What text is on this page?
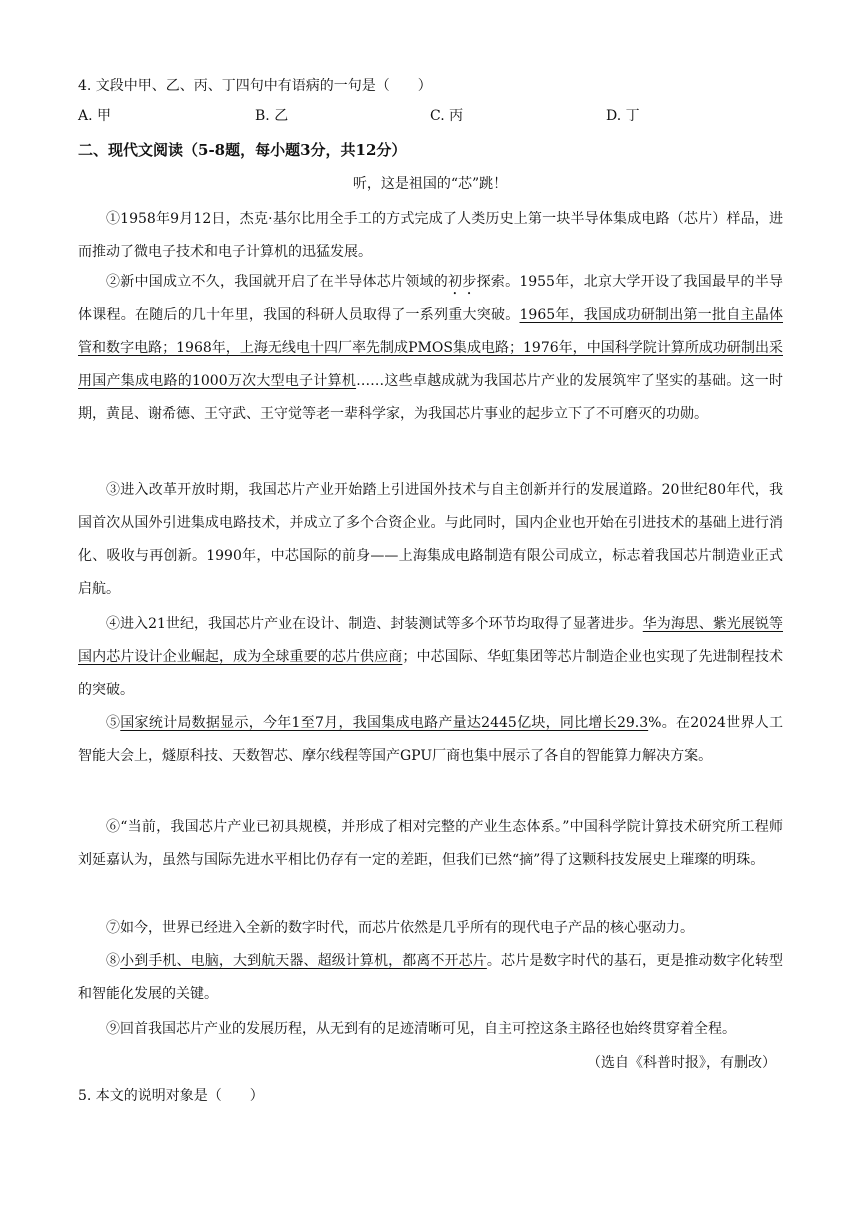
4. 文段中甲、乙、丙、丁四句中有语病的一句是（　　）
A. 甲	B. 乙	C. 丙	D. 丁
二、现代文阅读（5-8题，每小题3分，共12分）
听，这是祖国的“芯”跳！
①1958年9月12日，杰克·基尔比用全手工的方式完成了人类历史上第一块半导体集成电路（芯片）样品，进而推动了微电子技术和电子计算机的迅猛发展。
②新中国成立不久，我国就开启了在半导体芯片领域的初步探索。1955年，北京大学开设了我国最早的半导体课程。在随后的几十年里，我国的科研人员取得了一系列重大突破。1965年，我国成功研制出第一批自主晶体管和数字电路；1968年，上海无线电十四厂率先制成PMOS集成电路；1976年，中国科学院计算所成功研制出采用国产集成电路的1000万次大型电子计算机……这些卓越成就为我国芯片产业的发展筑牢了坚实的基础。这一时期，黄昆、谢希德、王守武、王守觉等老一辈科学家，为我国芯片事业的起步立下了不可磨灭的功勋。
③进入改革开放时期，我国芯片产业开始踏上引进国外技术与自主创新并行的发展道路。20世纪80年代，我国首次从国外引进集成电路技术，并成立了多个合资企业。与此同时，国内企业也开始在引进技术的基础上进行消化、吸收与再创新。1990年，中芯国际的前身——上海集成电路制造有限公司成立，标志着我国芯片制造业正式启航。
④进入21世纪，我国芯片产业在设计、制造、封装测试等多个环节均取得了显著进步。华为海思、紫光展锐等国内芯片设计企业崛起，成为全球重要的芯片供应商；中芯国际、华虹集团等芯片制造企业也实现了先进制程技术的突破。
⑤国家统计局数据显示，今年1至7月，我国集成电路产量达2445亿块，同比增长29.3%。在2024世界人工智能大会上，燧原科技、天数智芯、摩尔线程等国产GPU厂商也集中展示了各自的智能算力解决方案。
⑥“当前，我国芯片产业已初具规模，并形成了相对完整的产业生态体系。”中国科学院计算技术研究所工程师刘延嘉认为，虽然与国际先进水平相比仍存有一定的差距，但我们已然“摘”得了这颗科技发展史上璀璨的明珠。
⑦如今，世界已经进入全新的数字时代，而芯片依然是几乎所有的现代电子产品的核心驱动力。
⑧小到手机、电脑，大到航天器、超级计算机，都离不开芯片。芯片是数字时代的基石，更是推动数字化转型和智能化发展的关键。
⑨回首我国芯片产业的发展历程，从无到有的足迹清晰可见，自主可控这条主路径也始终贯穿着全程。
（选自《科普时报》，有删改）
5. 本文的说明对象是（　　）
